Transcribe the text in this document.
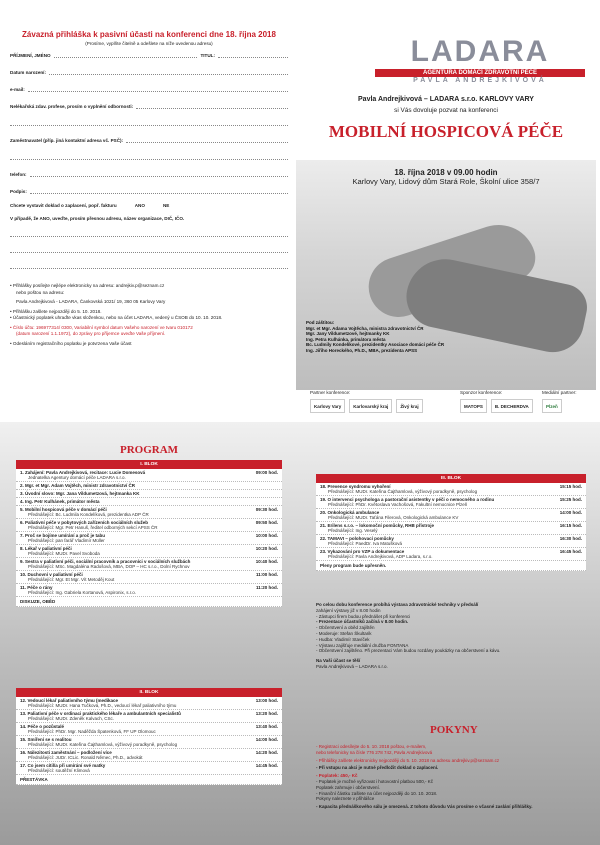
Závazná přihláška k pasivní účasti na konferenci dne 18. října 2018
(Prosíme, vyplňte čitelně a odešlete na níže uvedenou adresu)
PŘÍJMENÍ, JMÉNO	TITUL:
Datum narození:
e-mail:
Nelékařská zdav. profese, prosím o vyplnění odbornosti:
Zaměstnavatel (příp. jiná kontaktní adresa vč. PSČ):
telefon:
Podpis:
Chcete vystavit doklad o zaplacení, popř. fakturu	ANO	NE
V případě, že ANO, uveďte, prosím přesnou adresu, název organizace, DIČ, IČO.
• Přihlášky posílejte nejlépe elektronicky na adresu: andrejkiv.p@seznam.cz
nebo poštou na adresu:
Pavla Andrejkivová - LADARA, Čankovská 1021/ 19, 360 05 Karlovy Vary
• Přihlášku zašlete nejpozději do 5. 10. 2018.
• Účastnický poplatek uhraďte vkas složenkou, nebo na účet LADARA, vedený u ČSOB do 10. 10. 2018.
• Číslo účtu: 196977314/ 0300, Variabilní symbol datum Vašeho narození ve tvaru 010172
(datum narození 1.1.1972), do zprávy pro příjemce uveďte Vaše příjmení.
• Odesláním registračního poplatku je potvrzena Vaše účast
LADARA
AGENTURA DOMÁCÍ ZDRAVOTNÍ PÉČE
PAVLA ANDREJKIVOVÁ
Pavla Andrejkivová – LADARA s.r.o. KARLOVY VARY
si Vás dovoluje pozvat na konferenci
MOBILNÍ HOSPICOVÁ PÉČE
18. října 2018 v 09.00 hodin
Karlovy Vary, Lidový dům Stará Role, Školní ulice 358/7
Pod záštitou:
Mgr. et Mgr. Adama Vojtěcha, ministra zdravotnictví ČR
Mgr. Jany Vildumetzové, hejtmanky KK
Ing. Petra Kulhánka, primátora města
Bc. Ludmily Kondelíkové, prezidentky Asociace domácí péče ČR
Ing. Jiřiho Horeckého, Ph.D., MBA, prezidenta APSS
Partner konference:
Karlovy Vary	Karlovarský kraj	Živý kraj
Sponzor konference:
MATOPS	B. DECHERDVA
Mediální partner:
Plzeň
PROGRAM
I. BLOK
1. Zahájení: Pavla Andrejkivová, recitace: Lucie Domesová	09:00 hod.
Jednatelka Agentury domácí péče LADARA s.r.o.
2. Mgr. et Mgr. Adam Vojtěch, ministr zdravotnictví ČR
3. Úvodní slovo: Mgr. Jana Vildumetzová, hejtmanka KK
4. Ing. Petr Kulhánek, primátor města
5. Mobilní hospicová péče v domácí péči	09:30 hod.
Přednášející: Bc. Ludmila Kondelíková, prezidentka ADP ČR
6. Paliativní péče v pobytových zařízeních sociálních služeb	09:50 hod.
Přednášející: Mgr. Petr Hanuš, ředitel odborných sekcí APSS ČR
7. Proč se bojíme umírání a proč je tabu	10:00 hod.
Přednášející: pan farář Vladimír Müller
8. Lékař v paliativní péči	10:20 hod.
Přednášející: MUDr. Pavel Svoboda
9. Sestra v paliativní péči, sociální pracovník a pracovníci v sociálních službách	10:40 hod.
Přednášející: MSc. Magdaléna Radošová, MBA, DOP – HC s.r.o., Dolní Rychnov
10. Duchovní v paliativní péči	11:00 hod.
Přednášející: Mgr. Et Mgr. Vít Metoděj Kout
11. Péče o rány	11:20 hod.
Přednášející: Ing. Gabriela Kortanová, Aspironix, s.r.o.
DISKUZE, OBĚD
II. BLOK
12. Vedoucí lékař paliativního týmu (medikace	13:00 hod.
Přednášející: MUDr. Hana Tučková, Ph.D., vedoucí lékař paliativního týmu
13. Paliativní péče v ordinaci praktického lékaře a ambulantních specialistů	13:20 hod.
Přednášející: MUDr. Zdeněk Kalvach, CSc.
14. Péče o pozůstalé	13:40 hod.
Přednášející: PhDr. Mgr. Naděžda Špatenková, FF UP Olomouc
15. Smíření se s realitou	14:00 hod.
Přednášející: MUDr. Kateřina Čajthamlová, výživový poradkyně, psycholog
16. Nálezitosti zaměstnání – podložení více	14:20 hod.
Přednášející: JUDr. ICLic. Ronald Němec, Ph.D., advokát
17. Co jsem cítil/a při umírání své matky	14:45 hod.
Přednášející: soutěžní Klimová
PŘESTÁVKA
III. BLOK
18. Prevence syndromu vyhoření	15:15 hod.
Přednášející: MUDr. Kateřina Čajthamlová, výživový poradkyně, psycholog
19. O intervenci psychologa a pastorační asistentky v péči o nemocného a rodinu	15:25 hod.
Přednášející: PhDr. Květoslava Vachošová, Fakultní nemocnice Plzeň
20. Onkologická ambulance	14:00 hod.
Přednášející: MUDr. Taťána Filerová, Onkologická ambulance KV
21. Erilens s.r.o. – lokomoční pomůcky, RHB přístroje	16:15 hod.
Přednášející: Ing. Veselý
22. TAMAVI – polohovací pomůcky	16:30 hod.
Přednášející: PaedDr. Iva Matušková
23. Vykazování pro VZP a dokumentace	16:45 hod.
Přednášející: Pavla Andrejkivová, ADP Ladara, s.r.o.
Pleny program bude upřesněn.

Po celou dobu konference probíhá výstava zdravotnické techniky v předsálí

zahájení výstavy již v 8.00 hodin

- Zástupci firem budou přednášet při konferenci

- Prezentace účastníků začíná v 8.00 hodin.

- Občerstvení a oběd zajištěn

- Moderuje: Stefan Škultarik

- Hudba: Vladimír Stavíček

- Výstavu zajišťuje mediální družba FONTANA

- Občerstvení zajištěno. Při prezentaci Vám budou rozdány poukázky na občerstvení a kávu.

Na Vaši účast se těší

Pavla Andrejkivová – LADARA s.r.o.

POKYNY

- Registraci odesílejte do 5. 10. 2018 poštou, e-mailem,

nebo telefonicky na čísle 776 278 742, Pavla Andrejkivová

- Přihlášky zašlete elektronicky nejpozději do 5. 10. 2018 na adresu andrejkiv.p@seznam.cz

- Při vstupu na akci je nutné předložit doklad o zaplacení.

- Poplatek: 450,- Kč

- Poplatek je možné vyřizovat i hotovostní platbou 500,- Kč

Poplatek zahrnuje i občerstvení.

- Finanční částku zašlete na účet nejpozději do 10. 10. 2018.

Pokyny naleznete v přihlášce

- Kapacita přednáškového sálu je omezená. Z tohoto důvodu Vás prosíme o včasné zaslání přihlášky.
